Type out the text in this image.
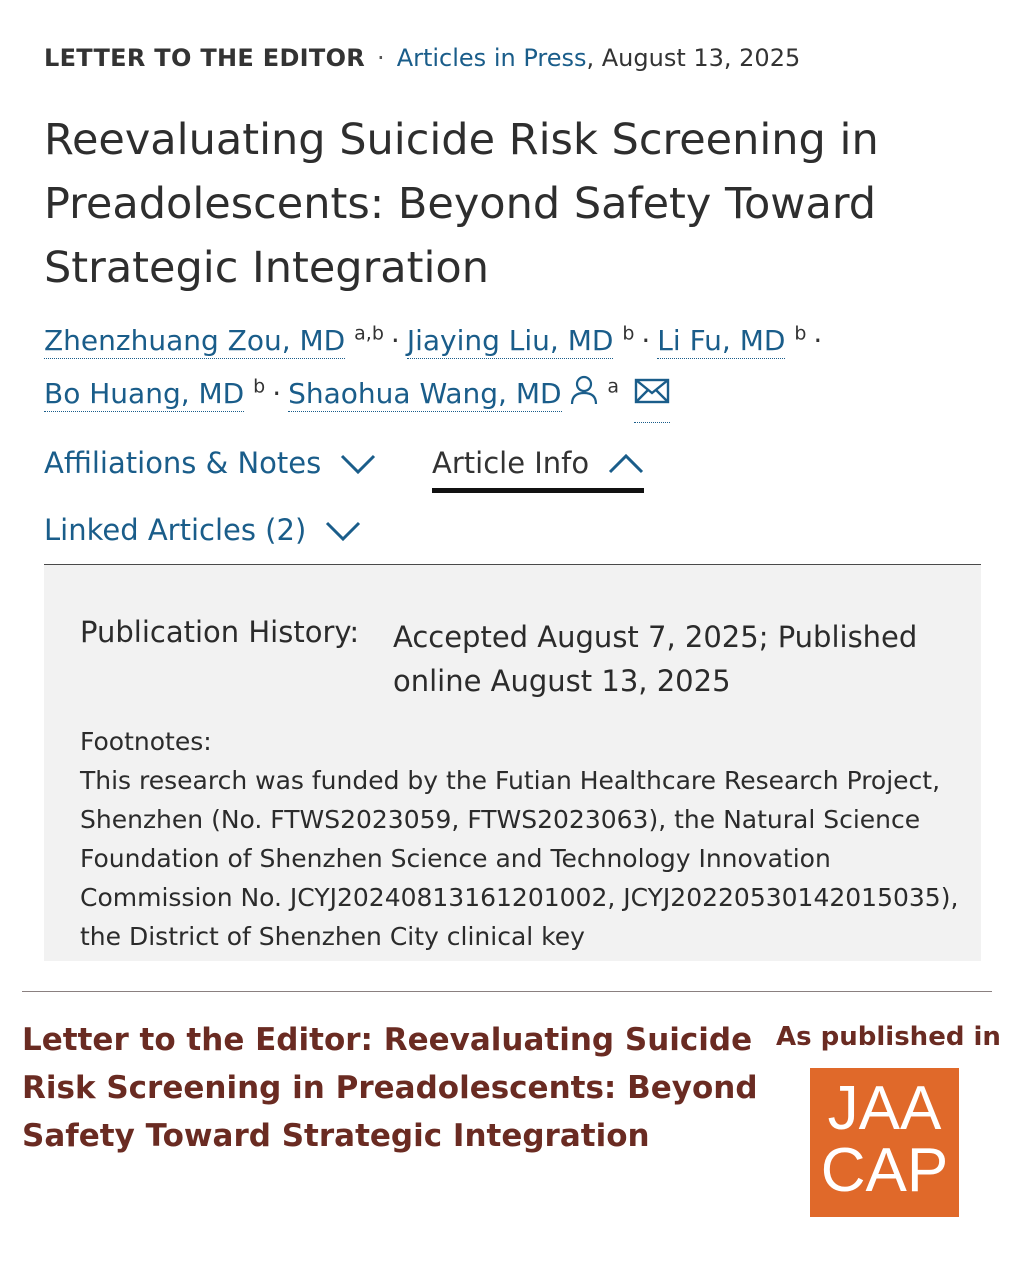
LETTER TO THE EDITOR · Articles in Press, August 13, 2025
Reevaluating Suicide Risk Screening in Preadolescents: Beyond Safety Toward Strategic Integration
Zhenzhuang Zou, MD $^{a,b}$ · Jiaying Liu, MD $^b$ · Li Fu, MD $^b$ ·
Bo Huang, MD $^b$ · Shaohua Wang, MD $^a$
Affiliations & Notes	Article Info
Linked Articles (2)
Publication History: Accepted August 7, 2025; Published online August 13, 2025
Footnotes:
This research was funded by the Futian Healthcare Research Project, Shenzhen (No. FTWS2023059, FTWS2023063), the Natural Science Foundation of Shenzhen Science and Technology Innovation Commission No. JCYJ20240813161201002, JCYJ20220530142015035), the District of Shenzhen City clinical key
Letter to the Editor: Reevaluating Suicide Risk Screening in Preadolescents: Beyond Safety Toward Strategic Integration
As published in
JAA
CAP
